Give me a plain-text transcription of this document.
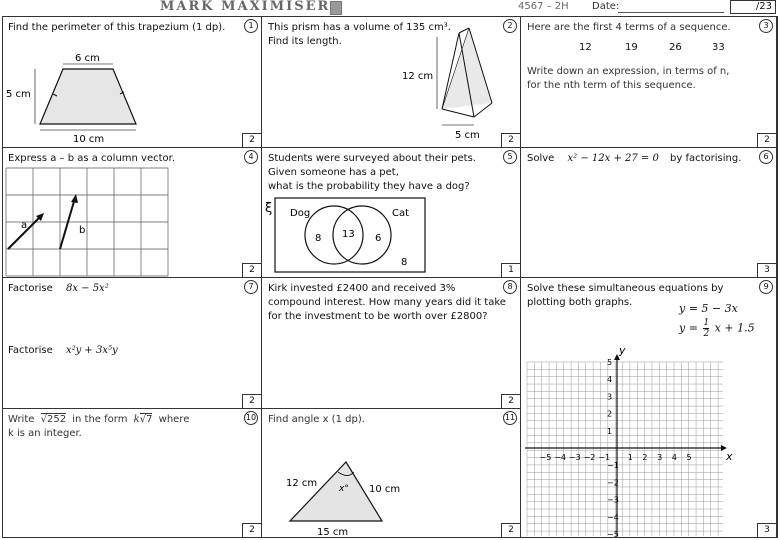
MARK MAXIMISER	4567 – 2H Date:	/23
Find the perimeter of this trapezium (1 dp).	1
6 cm
5 cm
10 cm	2
This prism has a volume of 135 cm³.
Find its length.
2
12 cm
5 cm	2
Here are the first 4 terms of a sequence.
12	19	26	33
Write down an expression, in terms of n,
for the nth term of this sequence.
3
2
Express a – b as a column vector.	4
a	b
2
Students were surveyed about their pets.
Given someone has a pet,
what is the probability they have a dog?
5
ξ Dog	Cat
8 13 6
8
1
Solve x² − 12x + 27 = 0 by factorising.	6
3
Factorise 8x − 5x²
Factorise x²y + 3x⁵y
7
2
Kirk invested £2400 and received 3%
compound interest. How many years did it take
for the investment to be worth over £2800?
8
2
Solve these simultaneous equations by
plotting both graphs.	y = 5 − 3x
$y = \frac{1}{2}$ x + 1.5
y
x
−5 −4 −3 −2 −1 1 2 3 4 5
5
4
3
2
1
−1
−2
−3
−4
−5
9
3
Write √252 in the form k√7 where
k is an integer.
10
2
Find angle x (1 dp).	11
12 cm
10 cm
15 cm
x°
2
